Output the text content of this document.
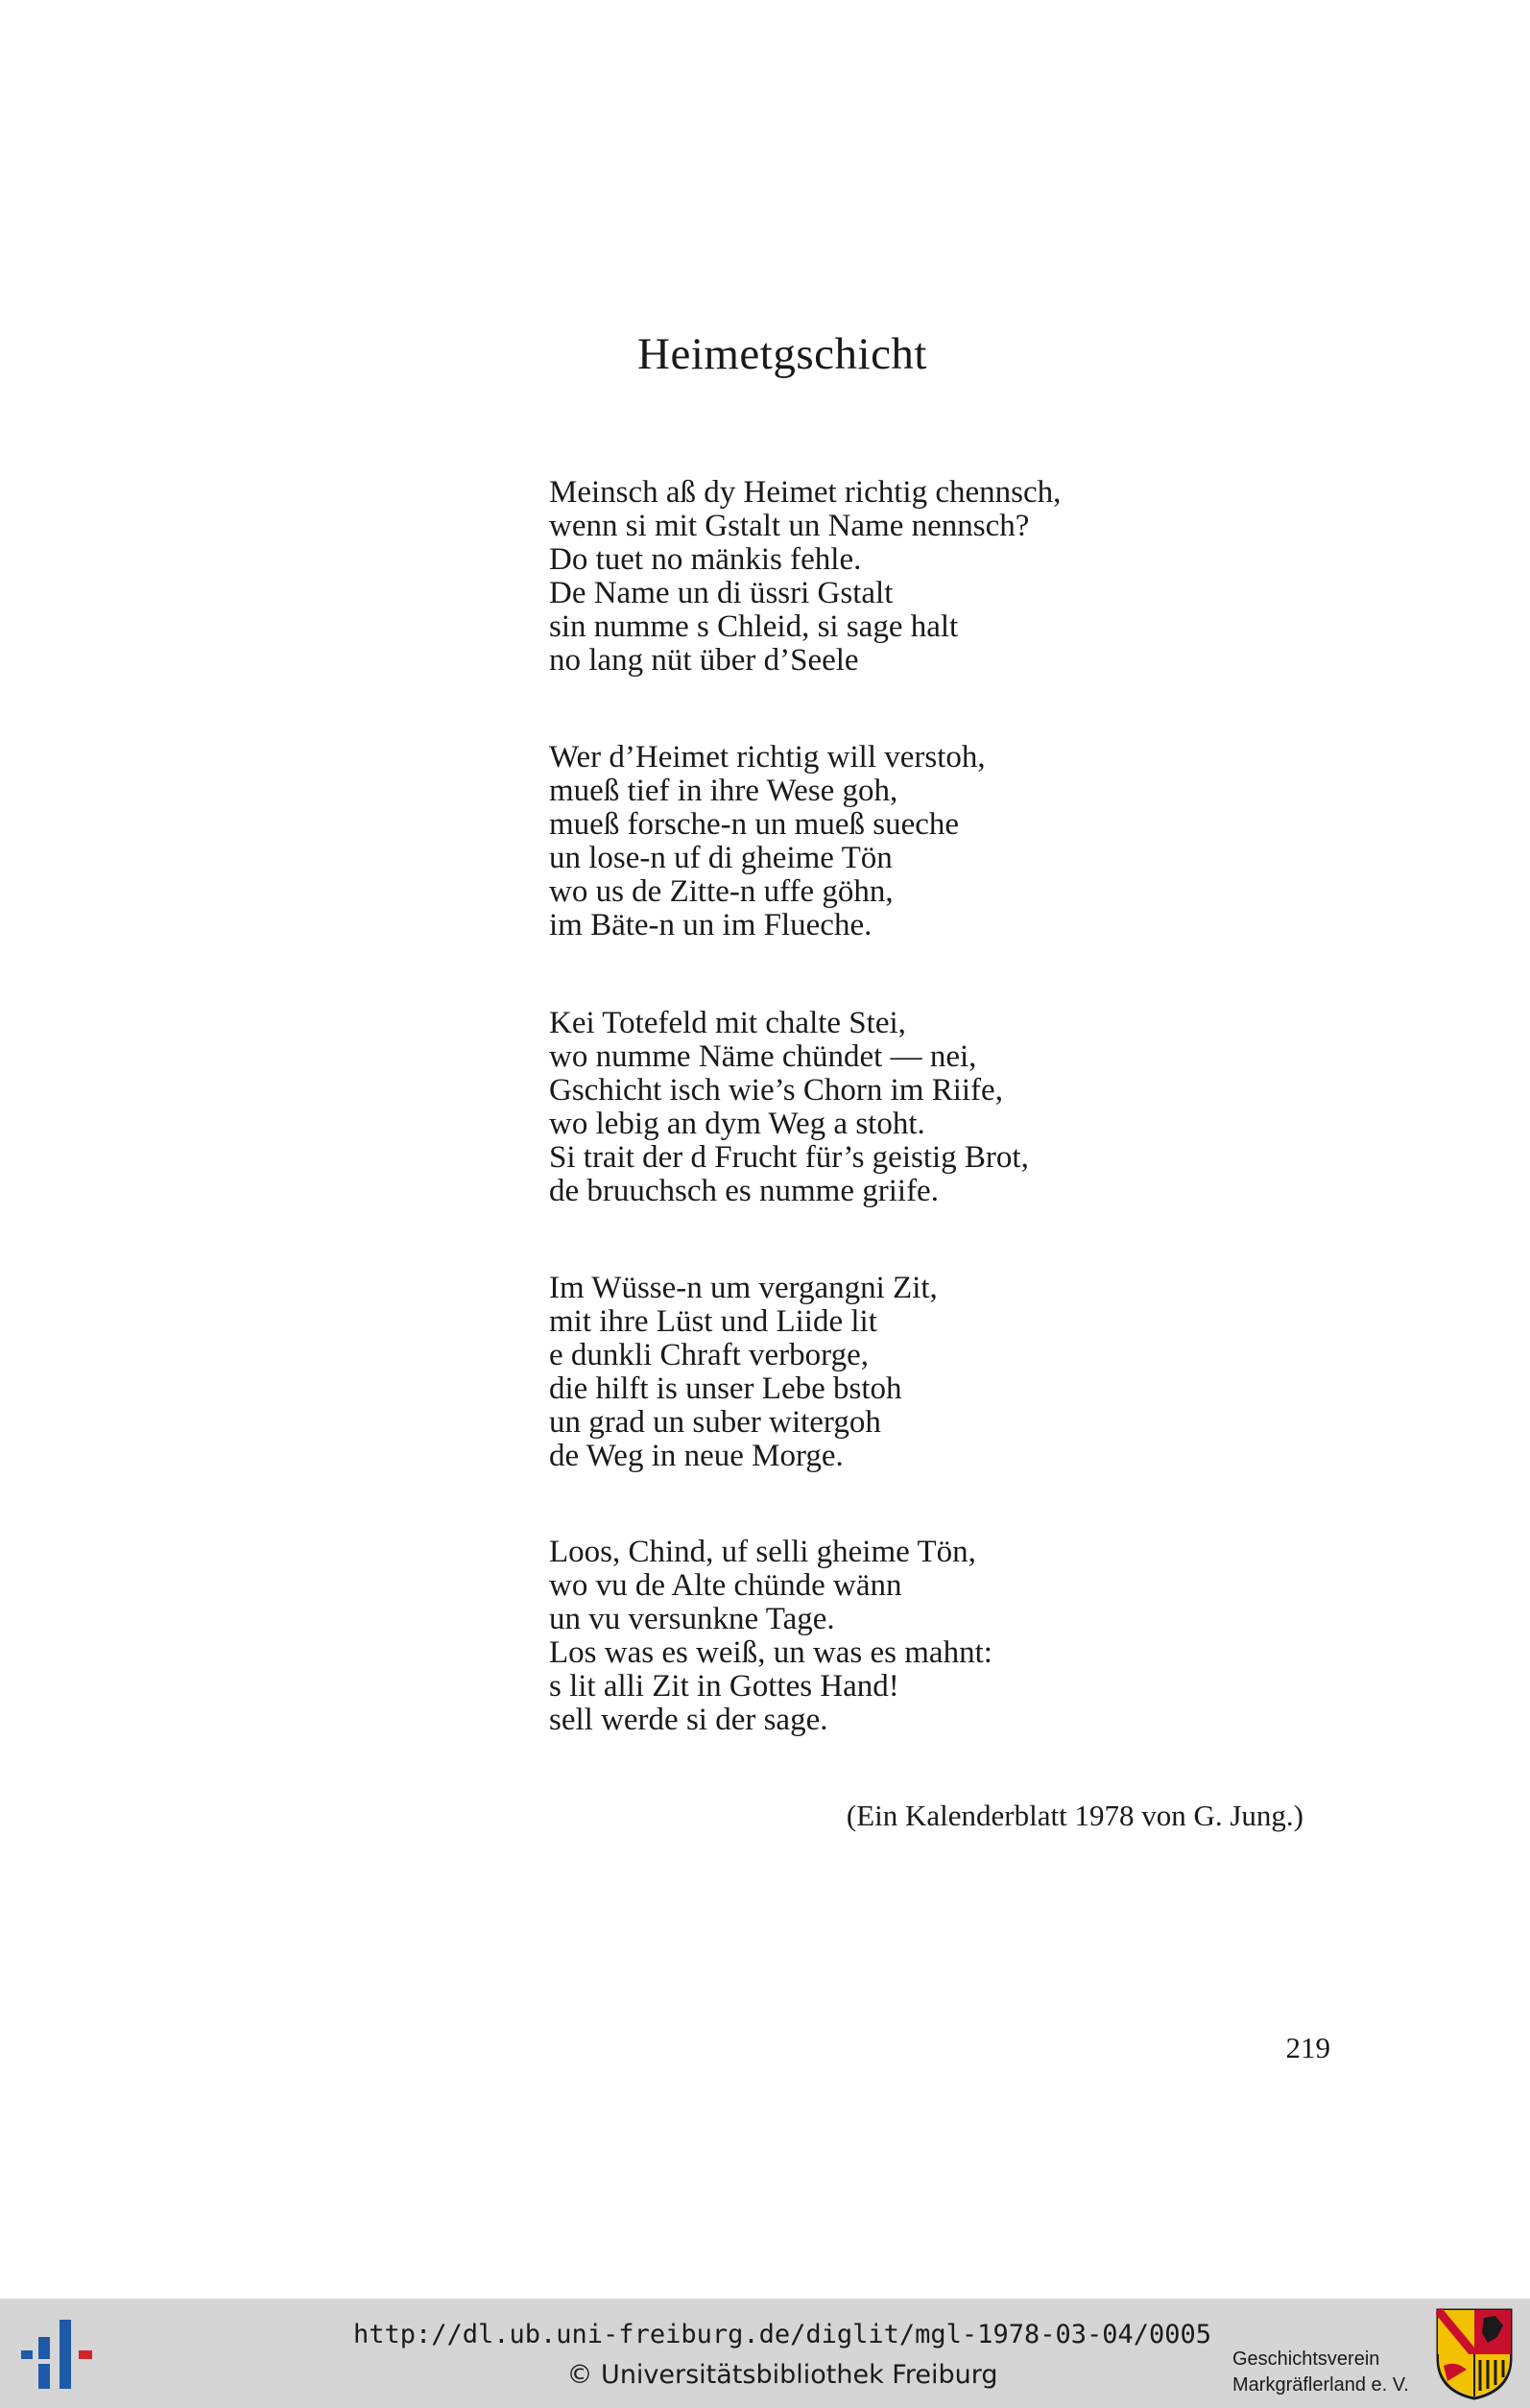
Heimetgschicht
Meinsch aß dy Heimet richtig chennsch,
wenn si mit Gstalt un Name nennsch?
Do tuet no mänkis fehle.
De Name un di üssri Gstalt
sin numme s Chleid, si sage halt
no lang nüt über d’Seele
Wer d’Heimet richtig will verstoh,
mueß tief in ihre Wese goh,
mueß forsche-n un mueß sueche
un lose-n uf di gheime Tön
wo us de Zitte-n uffe göhn,
im Bäte-n un im Flueche.
Kei Totefeld mit chalte Stei,
wo numme Näme chündet — nei,
Gschicht isch wie’s Chorn im Riife,
wo lebig an dym Weg a stoht.
Si trait der d Frucht für’s geistig Brot,
de bruuchsch es numme griife.
Im Wüsse-n um vergangni Zit,
mit ihre Lüst und Liide lit
e dunkli Chraft verborge,
die hilft is unser Lebe bstoh
un grad un suber witergoh
de Weg in neue Morge.
Loos, Chind, uf selli gheime Tön,
wo vu de Alte chünde wänn
un vu versunkne Tage.
Los was es weiß, un was es mahnt:
s lit alli Zit in Gottes Hand!
sell werde si der sage.
(Ein Kalenderblatt 1978 von G. Jung.)
219
http://dl.ub.uni-freiburg.de/diglit/mgl-1978-03-04/0005
© Universitätsbibliothek Freiburg
Geschichtsverein
Markgräflerland e. V.
